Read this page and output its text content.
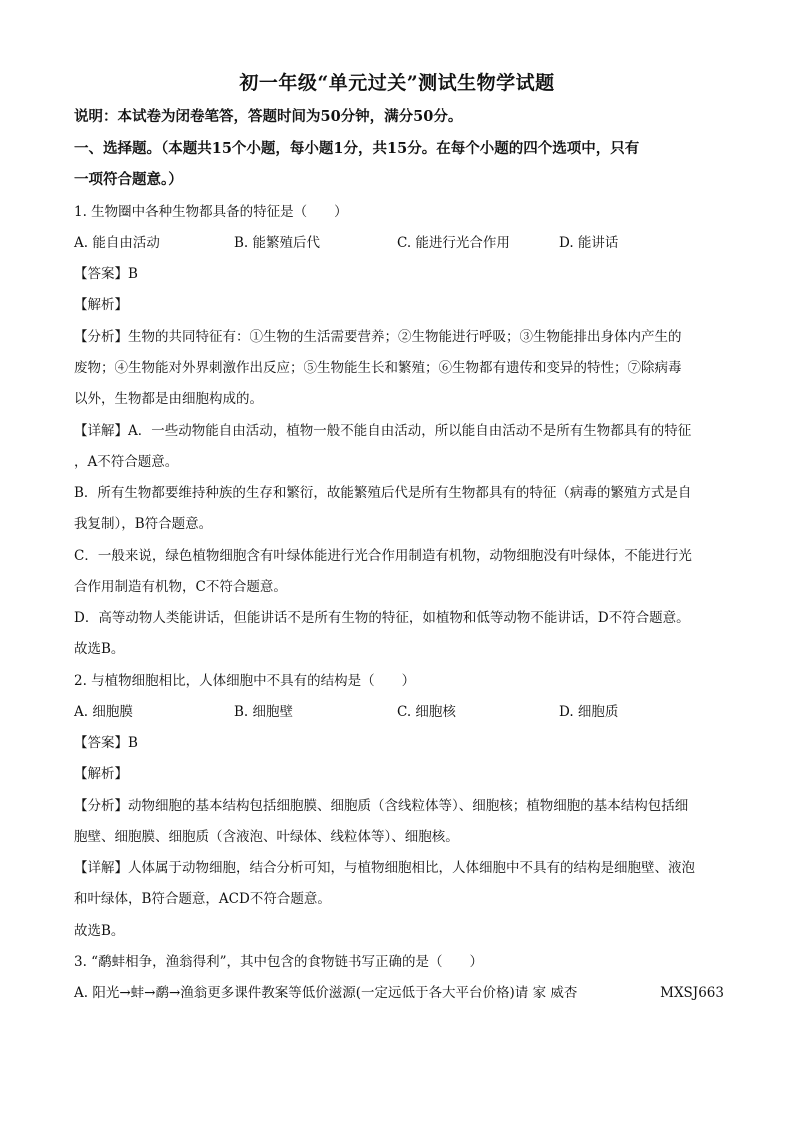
初一年级“单元过关”测试生物学试题
说明：本试卷为闭卷笔答，答题时间为50分钟，满分50分。
一、选择题。（本题共15个小题，每小题1分，共15分。在每个小题的四个选项中，只有
一项符合题意。）
1. 生物圈中各种生物都具备的特征是（　　）
A. 能自由活动	B. 能繁殖后代	C. 能进行光合作用	D. 能讲话
【答案】B
【解析】
【分析】生物的共同特征有：①生物的生活需要营养；②生物能进行呼吸；③生物能排出身体内产生的
废物；④生物能对外界刺激作出反应；⑤生物能生长和繁殖；⑥生物都有遗传和变异的特性；⑦除病毒
以外，生物都是由细胞构成的。
【详解】A．一些动物能自由活动，植物一般不能自由活动，所以能自由活动不是所有生物都具有的特征
，A不符合题意。
B．所有生物都要维持种族的生存和繁衍，故能繁殖后代是所有生物都具有的特征（病毒的繁殖方式是自
我复制），B符合题意。
C．一般来说，绿色植物细胞含有叶绿体能进行光合作用制造有机物，动物细胞没有叶绿体，不能进行光
合作用制造有机物，C不符合题意。
D．高等动物人类能讲话，但能讲话不是所有生物的特征，如植物和低等动物不能讲话，D不符合题意。
故选B。
2. 与植物细胞相比，人体细胞中不具有的结构是（　　）
A. 细胞膜	B. 细胞壁	C. 细胞核	D. 细胞质
【答案】B
【解析】
【分析】动物细胞的基本结构包括细胞膜、细胞质（含线粒体等）、细胞核；植物细胞的基本结构包括细
胞壁、细胞膜、细胞质（含液泡、叶绿体、线粒体等）、细胞核。
【详解】人体属于动物细胞，结合分析可知，与植物细胞相比，人体细胞中不具有的结构是细胞壁、液泡
和叶绿体，B符合题意，ACD不符合题意。
故选B。
3. “鹬蚌相争，渔翁得利”，其中包含的食物链书写正确的是（　　）
A. 阳光→蚌→鹬→渔翁更多课件教案等低价滋源(一定远低于各大平台价格)请 家 威杏	MXSJ663
